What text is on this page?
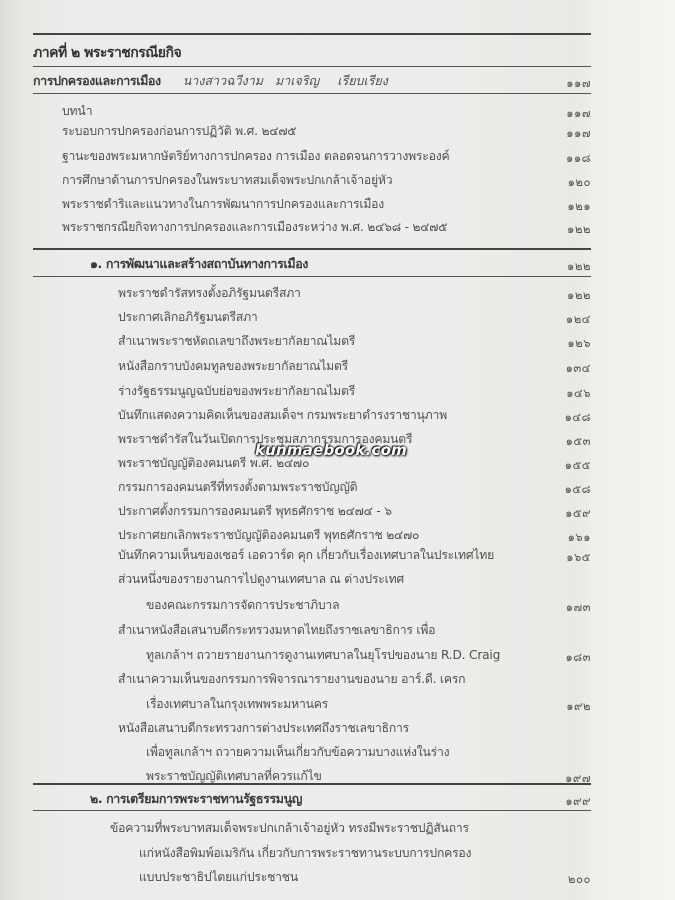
ภาคที่ ๒ พระราชกรณียกิจ
การปกครองและการเมือง นางสาวฉวีงาม มาเจริญ เรียบเรียง	๑๑๗
บทนำ	๑๑๗
ระบอบการปกครองก่อนการปฏิวัติ พ.ศ. ๒๔๗๕	๑๑๗
ฐานะของพระมหากษัตริย์ทางการปกครอง การเมือง ตลอดจนการวางพระองค์	๑๑๘
การศึกษาด้านการปกครองในพระบาทสมเด็จพระปกเกล้าเจ้าอยู่หัว	๑๒๐
พระราชดำริและแนวทางในการพัฒนาการปกครองและการเมือง	๑๒๑
พระราชกรณียกิจทางการปกครองและการเมืองระหว่าง พ.ศ. ๒๔๖๘ - ๒๔๗๕	๑๒๒
๑. การพัฒนาและสร้างสถาบันทางการเมือง	๑๒๒
พระราชดำรัสทรงตั้งอภิรัฐมนตรีสภา	๑๒๒
ประกาศเลิกอภิรัฐมนตรีสภา	๑๒๔
สำเนาพระราชหัตถเลขาถึงพระยากัลยาณไมตรี	๑๒๖
หนังสือกราบบังคมทูลของพระยากัลยาณไมตรี	๑๓๔
ร่างรัฐธรรมนูญฉบับย่อของพระยากัลยาณไมตรี	๑๔๖
บันทึกแสดงความคิดเห็นของสมเด็จฯ กรมพระยาดำรงราชานุภาพ	๑๔๘
พระราชดำรัสในวันเปิดการประชุมสภากรรมการองคมนตรี	๑๕๓
พระราชบัญญัติองคมนตรี พ.ศ. ๒๔๗๐	๑๕๕
กรรมการองคมนตรีที่ทรงตั้งตามพระราชบัญญัติ	๑๕๘
ประกาศตั้งกรรมการองคมนตรี พุทธศักราช ๒๔๗๔ - ๖	๑๕๙
ประกาศยกเลิกพระราชบัญญัติองคมนตรี พุทธศักราช ๒๔๗๐	๑๖๑
บันทึกความเห็นของเซอร์ เอดวาร์ด คุก เกี่ยวกับเรื่องเทศบาลในประเทศไทย	๑๖๕
ส่วนหนึ่งของรายงานการไปดูงานเทศบาล ณ ต่างประเทศ
ของคณะกรรมการจัดการประชาภิบาล	๑๗๓
สำเนาหนังสือเสนาบดีกระทรวงมหาดไทยถึงราชเลขาธิการ เพื่อ
ทูลเกล้าฯ ถวายรายงานการดูงานเทศบาลในยุโรปของนาย R.D. Craig	๑๘๓
สำเนาความเห็นของกรรมการพิจารณารายงานของนาย อาร์.ดี. เครก
เรื่องเทศบาลในกรุงเทพพระมหานคร	๑๙๒
หนังสือเสนาบดีกระทรวงการต่างประเทศถึงราชเลขาธิการ
เพื่อทูลเกล้าฯ ถวายความเห็นเกี่ยวกับข้อความบางแห่งในร่าง
พระราชบัญญัติเทศบาลที่ควรแก้ไข	๑๙๗
๒. การเตรียมการพระราชทานรัฐธรรมนูญ	๑๙๙
ข้อความที่พระบาทสมเด็จพระปกเกล้าเจ้าอยู่หัว ทรงมีพระราชปฏิสันถาร
แก่หนังสือพิมพ์อเมริกัน เกี่ยวกับการพระราชทานระบบการปกครอง
แบบประชาธิปไตยแก่ประชาชน	๒๐๐
kunmaebook.com
